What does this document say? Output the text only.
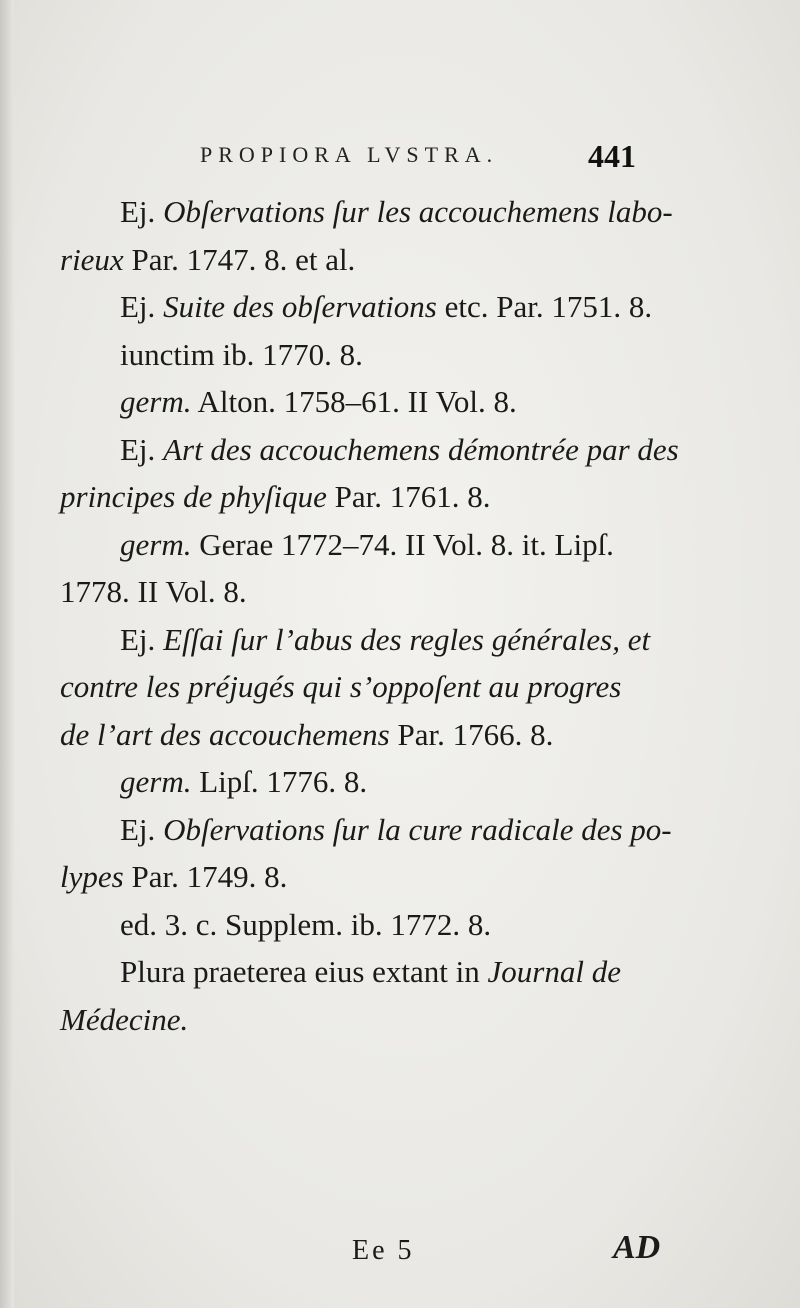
PROPIORA LVSTRA.	441
Ej. Obſervations ſur les accouchemens labo-
rieux Par. 1747. 8. et al.
Ej. Suite des obſervations etc. Par. 1751. 8.
iunctim ib. 1770. 8.
germ. Alton. 1758–61. II Vol. 8.
Ej. Art des accouchemens démontrée par des
principes de phyſique Par. 1761. 8.
germ. Gerae 1772–74. II Vol. 8. it. Lipſ.
1778. II Vol. 8.
Ej. Eſſai ſur l’abus des regles générales, et
contre les préjugés qui s’oppoſent au progres
de l’art des accouchemens Par. 1766. 8.
germ. Lipſ. 1776. 8.
Ej. Obſervations ſur la cure radicale des po-
lypes Par. 1749. 8.
ed. 3. c. Supplem. ib. 1772. 8.
Plura praeterea eius extant in Journal de
Médecine.
Ee 5	AD
